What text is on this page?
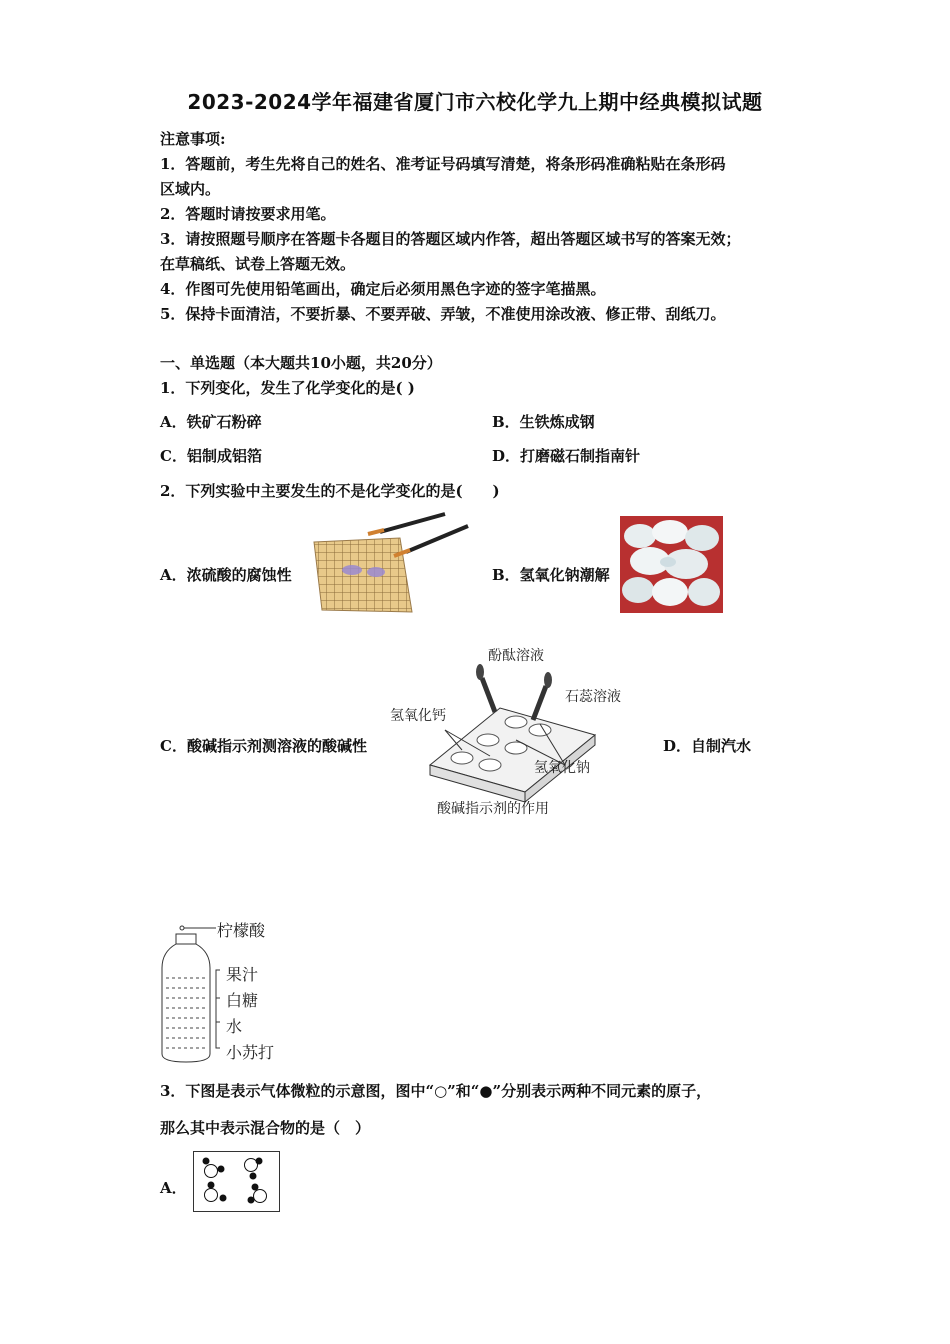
2023-2024学年福建省厦门市六校化学九上期中经典模拟试题
注意事项:
1．答题前，考生先将自己的姓名、准考证号码填写清楚，将条形码准确粘贴在条形码
区域内。
2．答题时请按要求用笔。
3．请按照题号顺序在答题卡各题目的答题区域内作答，超出答题区域书写的答案无效；
在草稿纸、试卷上答题无效。
4．作图可先使用铅笔画出，确定后必须用黑色字迹的签字笔描黑。
5．保持卡面清洁，不要折暴、不要弄破、弄皱，不准使用涂改液、修正带、刮纸刀。
一、单选题（本大题共10小题，共20分）
1．下列变化，发生了化学变化的是( )
A．铁矿石粉碎	B．生铁炼成钢
C．铝制成铝箔	D．打磨磁石制指南针
2．下列实验中主要发生的不是化学变化的是(　　)
A．浓硫酸的腐蚀性	B．氢氧化钠潮解
酚酞溶液
石蕊溶液
氢氧化钙
氢氧化钠
酸碱指示剂的作用
C．酸碱指示剂测溶液的酸碱性	D．自制汽水
柠檬酸
果汁
白糖
水
小苏打
3．下图是表示气体微粒的示意图，图中“○”和“●”分别表示两种不同元素的原子，
那么其中表示混合物的是（　）
A．
